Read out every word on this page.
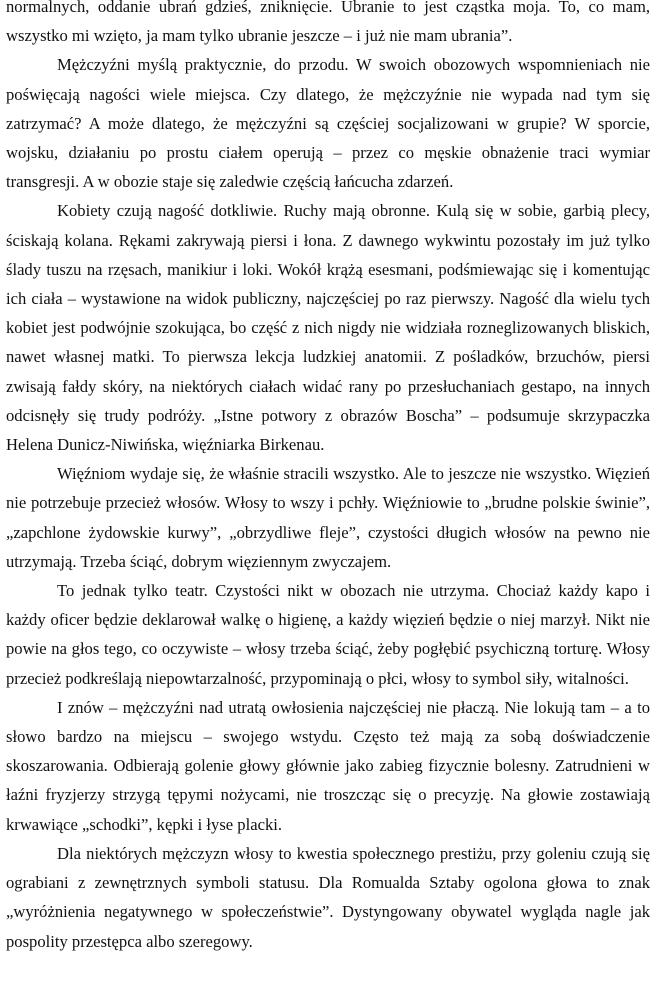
normalnych, oddanie ubrań gdzieś, zniknięcie. Ubranie to jest cząstka moja. To, co mam, wszystko mi wzięto, ja mam tylko ubranie jeszcze – i już nie mam ubrania”.

Mężczyźni myślą praktycznie, do przodu. W swoich obozowych wspomnieniach nie poświęcają nagości wiele miejsca. Czy dlatego, że mężczyźnie nie wypada nad tym się zatrzymać? A może dlatego, że mężczyźni są częściej socjalizowani w grupie? W sporcie, wojsku, działaniu po prostu ciałem operują – przez co męskie obnażenie traci wymiar transgresji. A w obozie staje się zaledwie częścią łańcucha zdarzeń.

Kobiety czują nagość dotkliwie. Ruchy mają obronne. Kulą się w sobie, garbią plecy, ściskają kolana. Rękami zakrywają piersi i łona. Z dawnego wykwintu pozostały im już tylko ślady tuszu na rzęsach, manikiur i loki. Wokół krążą esesmani, podśmiewając się i komentując ich ciała – wystawione na widok publiczny, najczęściej po raz pierwszy. Nagość dla wielu tych kobiet jest podwójnie szokująca, bo część z nich nigdy nie widziała rozneglizowanych bliskich, nawet własnej matki. To pierwsza lekcja ludzkiej anatomii. Z pośladków, brzuchów, piersi zwisają fałdy skóry, na niektórych ciałach widać rany po przesłuchaniach gestapo, na innych odcisnęły się trudy podróży. „Istne potwory z obrazów Boscha” – podsumuje skrzypaczka Helena Dunicz-Niwińska, więźniarka Birkenau.

Więźniom wydaje się, że właśnie stracili wszystko. Ale to jeszcze nie wszystko. Więzień nie potrzebuje przecież włosów. Włosy to wszy i pchły. Więźniowie to „brudne polskie świnie”, „zapchlone żydowskie kurwy”, „obrzydliwe fleje”, czystości długich włosów na pewno nie utrzymają. Trzeba ściąć, dobrym więziennym zwyczajem.

To jednak tylko teatr. Czystości nikt w obozach nie utrzyma. Chociaż każdy kapo i każdy oficer będzie deklarował walkę o higienę, a każdy więzień będzie o niej marzył. Nikt nie powie na głos tego, co oczywiste – włosy trzeba ściąć, żeby pogłębić psychiczną torturę. Włosy przecież podkreślają niepowtarzalność, przypominają o płci, włosy to symbol siły, witalności.

I znów – mężczyźni nad utratą owłosienia najczęściej nie płaczą. Nie lokują tam – a to słowo bardzo na miejscu – swojego wstydu. Często też mają za sobą doświadczenie skoszarowania. Odbierają golenie głowy głównie jako zabieg fizycznie bolesny. Zatrudnieni w łaźni fryzjerzy strzygą tępymi nożycami, nie troszcząc się o precyzję. Na głowie zostawiają krwawiące „schodki”, kępki i łyse placki.

Dla niektórych mężczyzn włosy to kwestia społecznego prestiżu, przy goleniu czują się ograbiani z zewnętrznych symboli statusu. Dla Romualda Sztaby ogolona głowa to znak „wyróżnienia negatywnego w społeczeństwie”. Dystyngowany obywatel wygląda nagle jak pospolity przestępca albo szeregowy.
